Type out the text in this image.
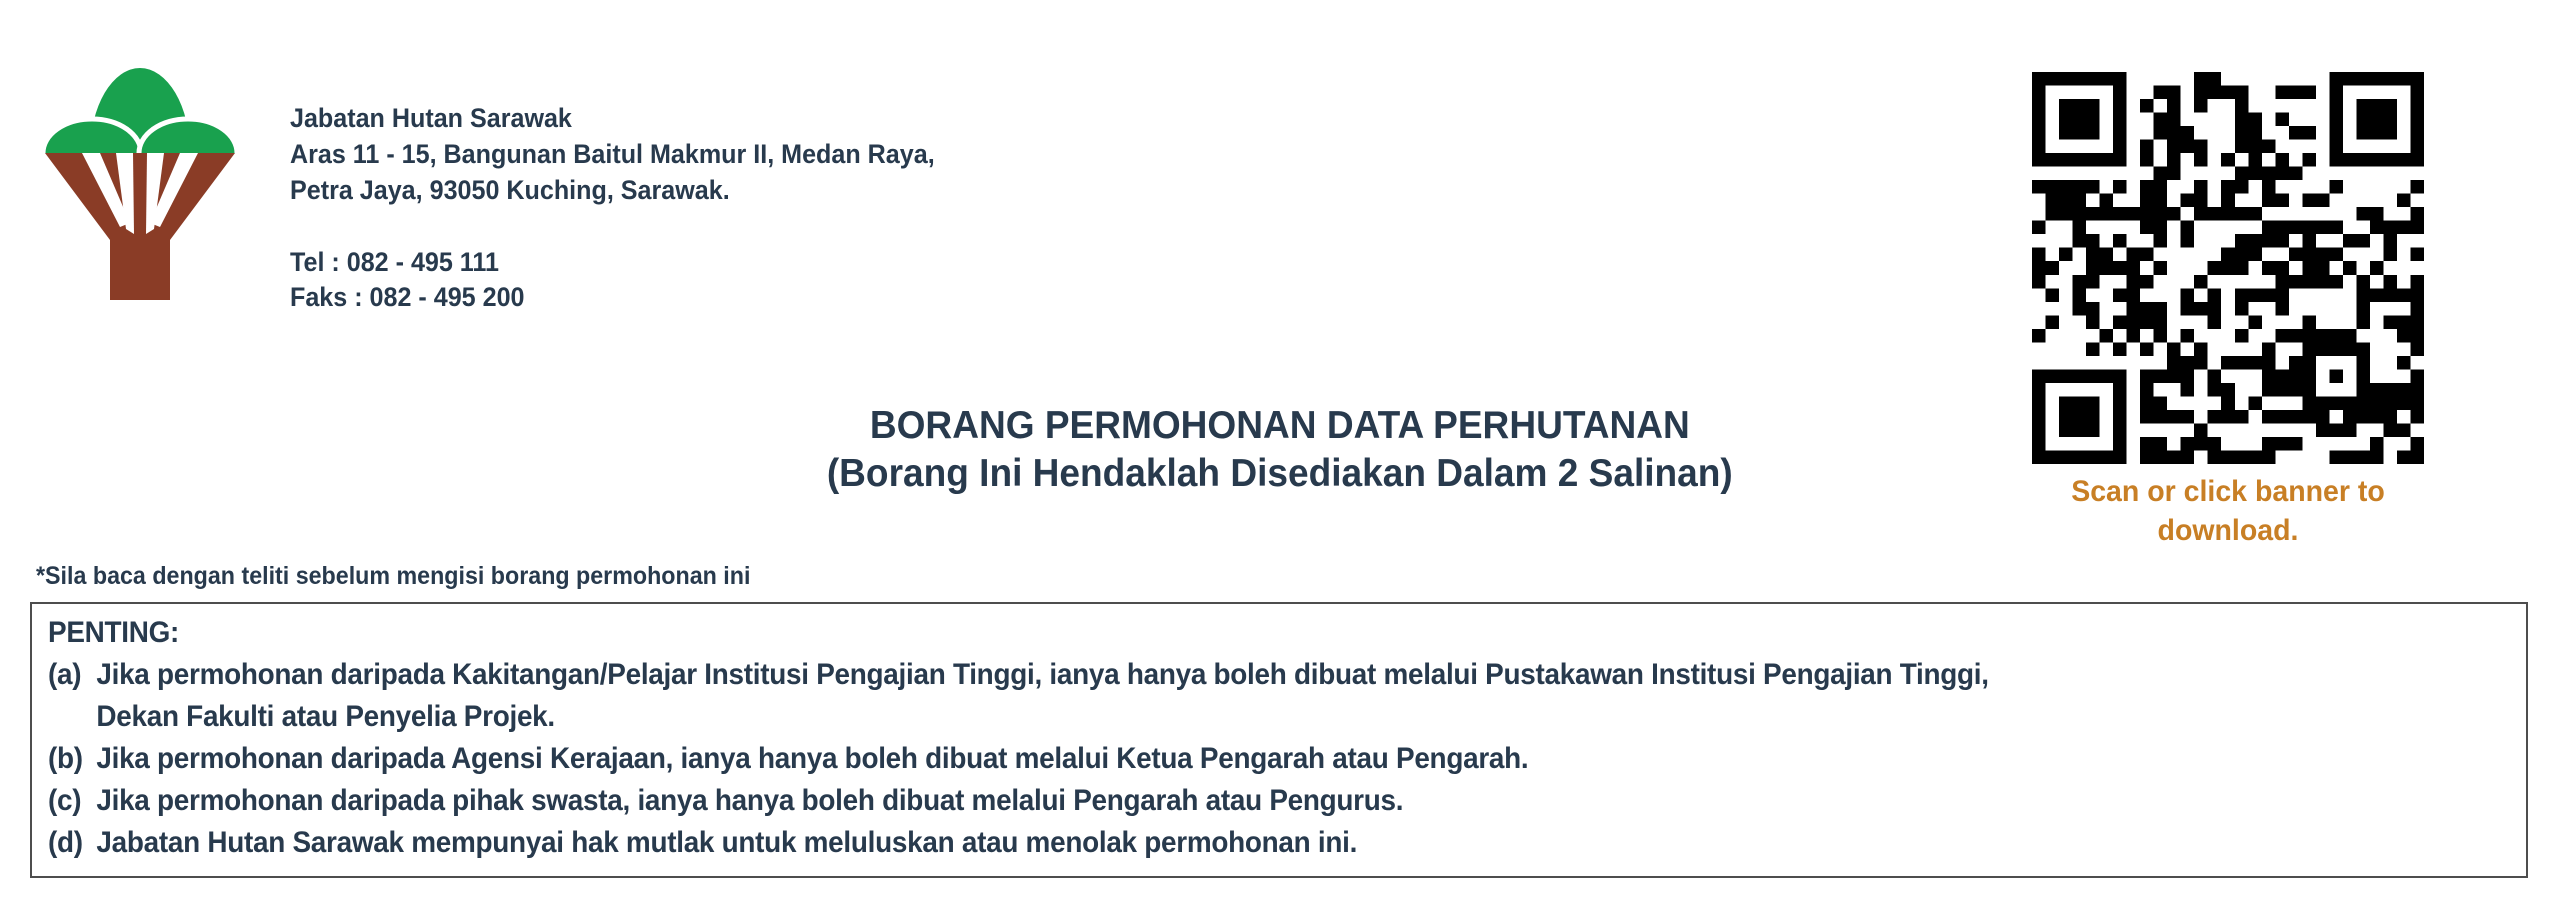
Jabatan Hutan Sarawak
Aras 11 - 15, Bangunan Baitul Makmur II, Medan Raya,
Petra Jaya, 93050 Kuching, Sarawak.
Tel : 082 - 495 111
Faks : 082 - 495 200
BORANG PERMOHONAN DATA PERHUTANAN
(Borang Ini Hendaklah Disediakan Dalam 2 Salinan)	Scan or click banner to download.
*Sila baca dengan teliti sebelum mengisi borang permohonan ini
PENTING:
(a) Jika permohonan daripada Kakitangan/Pelajar Institusi Pengajian Tinggi, ianya hanya boleh dibuat melalui Pustakawan Institusi Pengajian Tinggi,
Dekan Fakulti atau Penyelia Projek.
(b) Jika permohonan daripada Agensi Kerajaan, ianya hanya boleh dibuat melalui Ketua Pengarah atau Pengarah.
(c) Jika permohonan daripada pihak swasta, ianya hanya boleh dibuat melalui Pengarah atau Pengurus.
(d) Jabatan Hutan Sarawak mempunyai hak mutlak untuk meluluskan atau menolak permohonan ini.
